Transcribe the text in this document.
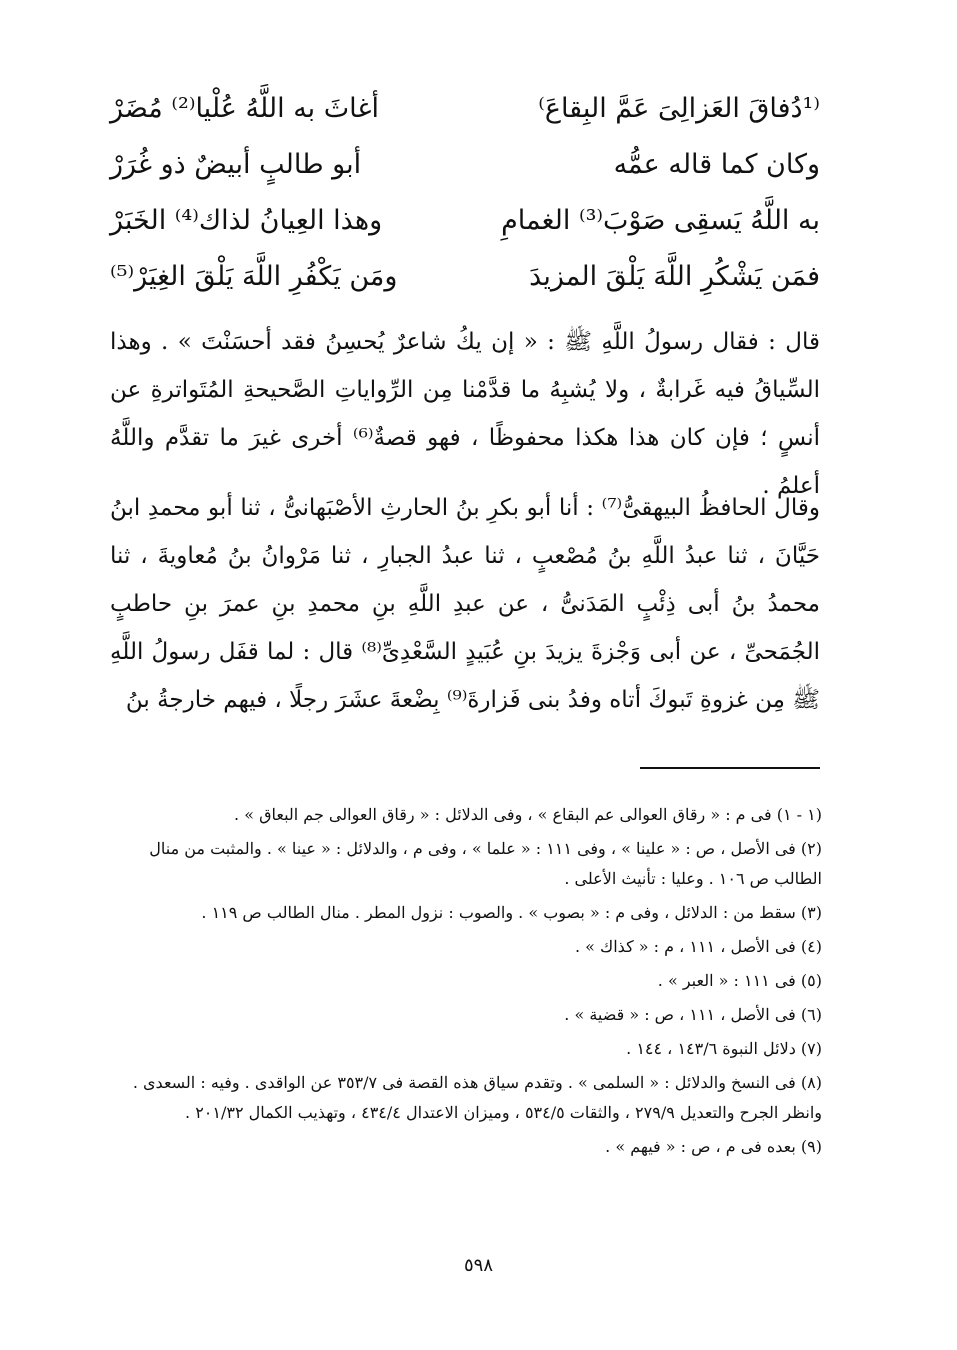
⁽¹دُفاقَ العَزالِىَ عَمَّ البِقاعَ⁾
أغاثَ به اللَّهُ عُلْيا⁽²⁾ مُضَرْ
وكان كما قاله عمُّه
أبو طالبٍ أبيضٌ ذو غُرَرْ
به اللَّهُ يَسقِى صَوْبَ⁽³⁾ الغمامِ
وهذا العِيانُ لذاك⁽⁴⁾ الخَبَرْ
فمَن يَشْكُرِ اللَّهَ يَلْقَ المزيدَ
ومَن يَكْفُرِ اللَّهَ يَلْقَ الغِيَرْ⁽⁵⁾

قال : فقال رسولُ اللَّهِ ﷺ : « إن يكُ شاعرٌ يُحسِنُ فقد أحسَنْتَ » . وهذا السِّياقُ فيه غَرابةٌ ، ولا يُشبِهُ ما قدَّمْنا مِن الرِّواياتِ الصَّحيحةِ المُتَواترةِ عن أنسٍ ؛ فإن كان هذا هكذا محفوظًا ، فهو قصةٌ⁽⁶⁾ أخرى غيرَ ما تقدَّم واللَّهُ أعلمُ .

وقال الحافظُ البيهقىُّ⁽⁷⁾ : أنا أبو بكرِ بنُ الحارثِ الأصْبَهانىُّ ، ثنا أبو محمدِ ابنُ حَيَّانَ ، ثنا عبدُ اللَّهِ بنُ مُصْعبٍ ، ثنا عبدُ الجبارِ ، ثنا مَرْوانُ بنُ مُعاويةَ ، ثنا محمدُ بنُ أبى ذِئْبٍ المَدَنىُّ ، عن عبدِ اللَّهِ بنِ محمدِ بنِ عمرَ بنِ حاطبٍ الجُمَحىِّ ، عن أبى وَجْزةَ يزيدَ بنِ عُبَيدٍ السَّعْدِىِّ⁽⁸⁾ قال : لما قفَل رسولُ اللَّهِ ﷺ مِن غزوةِ تَبوكَ أتاه وفدُ بنى فَزارةَ⁽⁹⁾ بِضْعةَ عشَرَ رجلًا ، فيهم خارجةُ بنُ

(١ - ١) فى م : « رقاق العوالى عم البقاع » ، وفى الدلائل : « رقاق العوالى جم البعاق » .

(٢) فى الأصل ، ص : « علينا » ، وفى ١١١ : « علما » ، وفى م ، والدلائل : « عينا » . والمثبت من منال الطالب ص ١٠٦ . وعليا : تأنيث الأعلى .

(٣) سقط من : الدلائل ، وفى م : « بصوب » . والصوب : نزول المطر . منال الطالب ص ١١٩ .

(٤) فى الأصل ، ١١١ ، م : « كذاك » .

(٥) فى ١١١ : « العبر » .

(٦) فى الأصل ، ١١١ ، ص : « قضية » .

(٧) دلائل النبوة ١٤٣/٦ ، ١٤٤ .

(٨) فى النسخ والدلائل : « السلمى » . وتقدم سياق هذه القصة فى ٣٥٣/٧ عن الواقدى . وفيه : السعدى . وانظر الجرح والتعديل ٢٧٩/٩ ، والثقات ٥٣٤/٥ ، وميزان الاعتدال ٤٣٤/٤ ، وتهذيب الكمال ٢٠١/٣٢ .

(٩) بعده فى م ، ص : « فيهم » .

٥٩٨
